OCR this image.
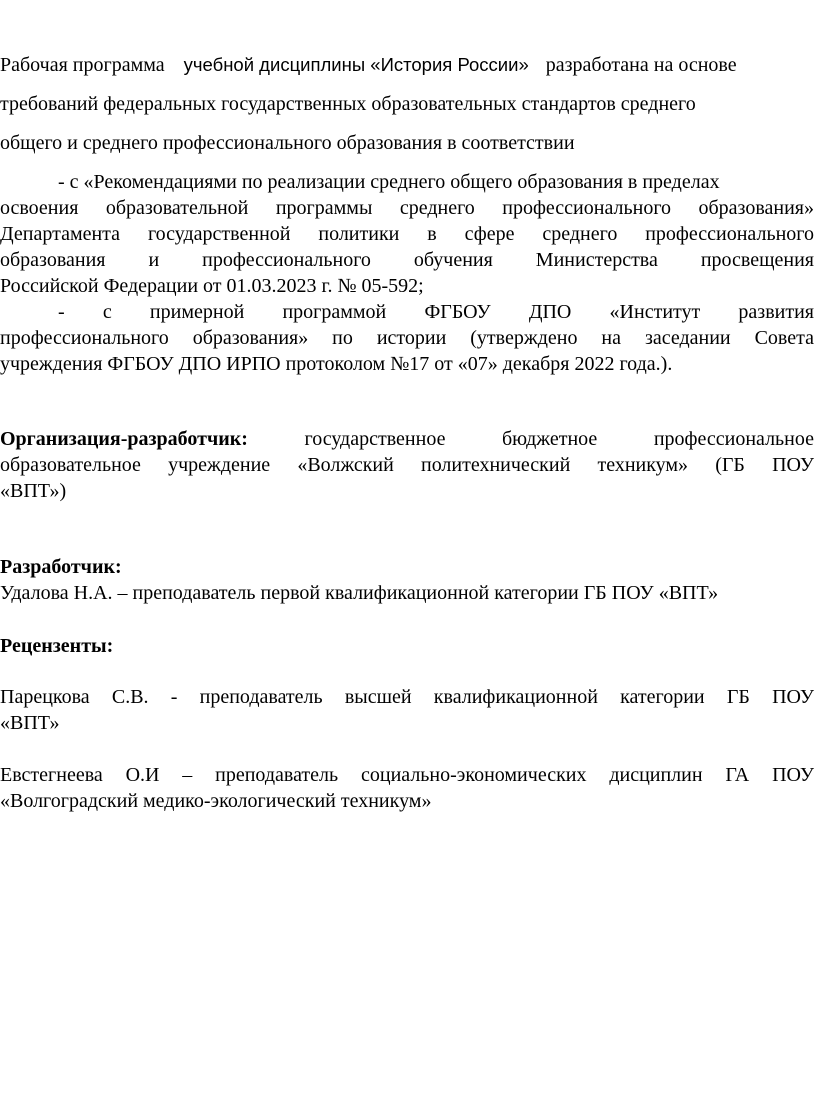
Рабочая программа учебной дисциплины «История России» разработана на основе
требований федеральных государственных образовательных стандартов среднего
общего и среднего профессионального образования в соответствии
- с «Рекомендациями по реализации среднего общего образования в пределах
освоения образовательной программы среднего профессионального образования»
Департамента государственной политики в сфере среднего профессионального
образования и профессионального обучения Министерства просвещения
Российской Федерации от 01.03.2023 г. № 05-592;
- с примерной программой ФГБОУ ДПО «Институт развития
профессионального образования» по истории (утверждено на заседании Совета
учреждения ФГБОУ ДПО ИРПО протоколом №17 от «07» декабря 2022 года.).
Организация-разработчик:	государственное бюджетное профессиональное
образовательное учреждение «Волжский политехнический техникум» (ГБ ПОУ
«ВПТ»)
Разработчик:
Удалова Н.А. – преподаватель первой квалификационной категории ГБ ПОУ «ВПТ»
Рецензенты:
Парецкова С.В. - преподаватель высшей квалификационной категории ГБ ПОУ
«ВПТ»
Евстегнеева О.И – преподаватель социально-экономических дисциплин ГА ПОУ
«Волгоградский медико-экологический техникум»
